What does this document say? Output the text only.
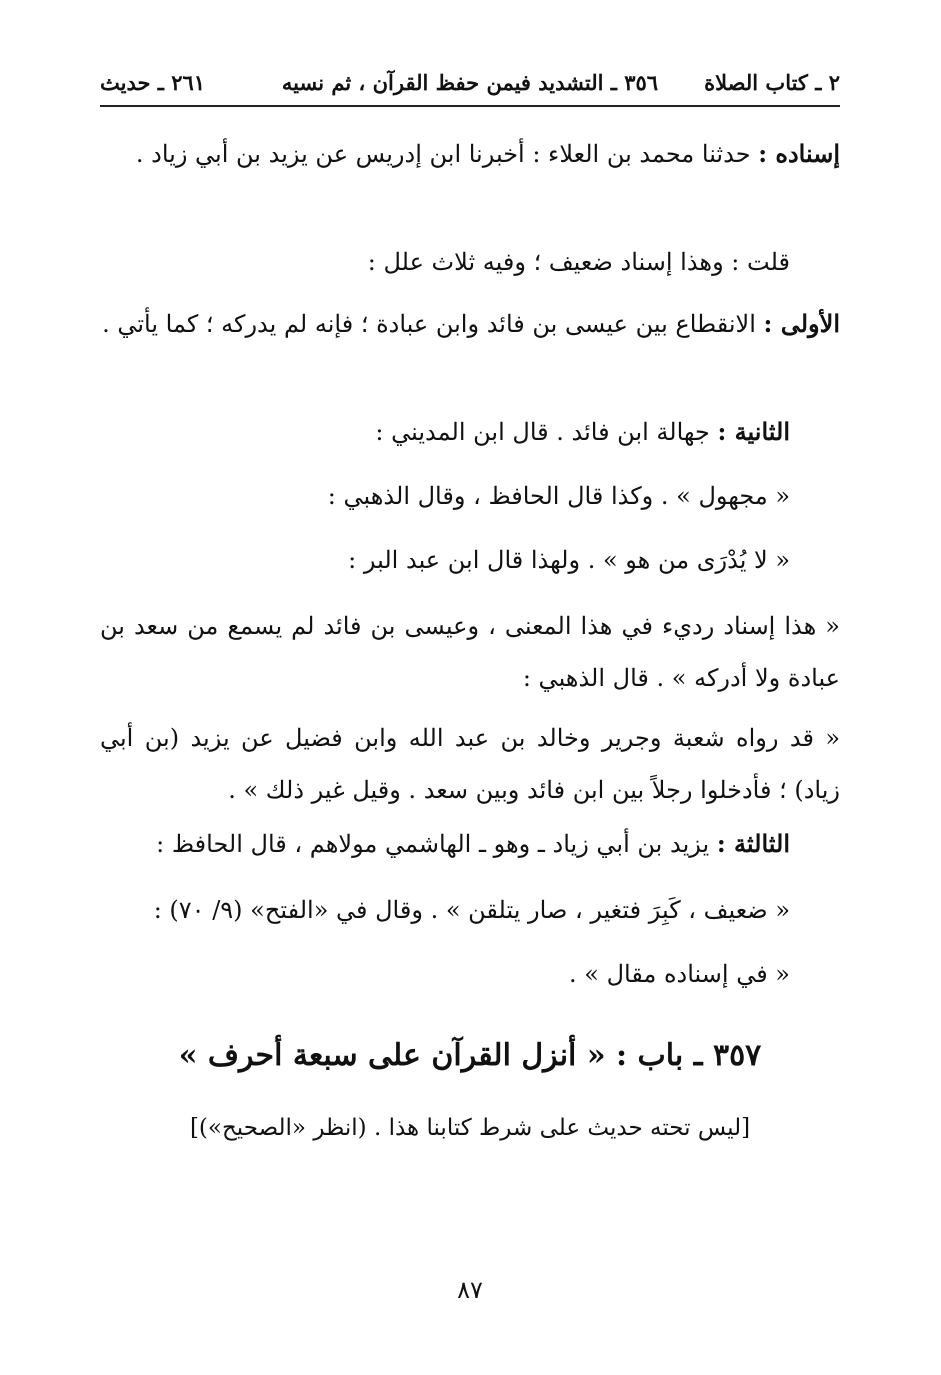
٢ ـ كتاب الصلاة
٣٥٦ ـ التشديد فيمن حفظ القرآن ، ثم نسيه
٢٦١ ـ حديث

إسناده : حدثنا محمد بن العلاء : أخبرنا ابن إدريس عن يزيد بن أبي زياد .

قلت : وهذا إسناد ضعيف ؛ وفيه ثلاث علل :

الأولى : الانقطاع بين عيسى بن فائد وابن عبادة ؛ فإنه لم يدركه ؛ كما يأتي .

الثانية : جهالة ابن فائد . قال ابن المديني :

« مجهول » . وكذا قال الحافظ ، وقال الذهبي :

« لا يُدْرَى من هو » . ولهذا قال ابن عبد البر :

« هذا إسناد رديء في هذا المعنى ، وعيسى بن فائد لم يسمع من سعد بن عبادة ولا أدركه » . قال الذهبي :

« قد رواه شعبة وجرير وخالد بن عبد الله وابن فضيل عن يزيد (بن أبي زياد) ؛ فأدخلوا رجلاً بين ابن فائد وبين سعد . وقيل غير ذلك » .

الثالثة : يزيد بن أبي زياد ـ وهو ـ الهاشمي مولاهم ، قال الحافظ :

« ضعيف ، كَبِرَ فتغير ، صار يتلقن » . وقال في «الفتح» (٩/ ٧٠) :

« في إسناده مقال » .

٣٥٧ ـ باب : « أنزل القرآن على سبعة أحرف »
[ليس تحته حديث على شرط كتابنا هذا . (انظر «الصحيح»)]
٨٧
